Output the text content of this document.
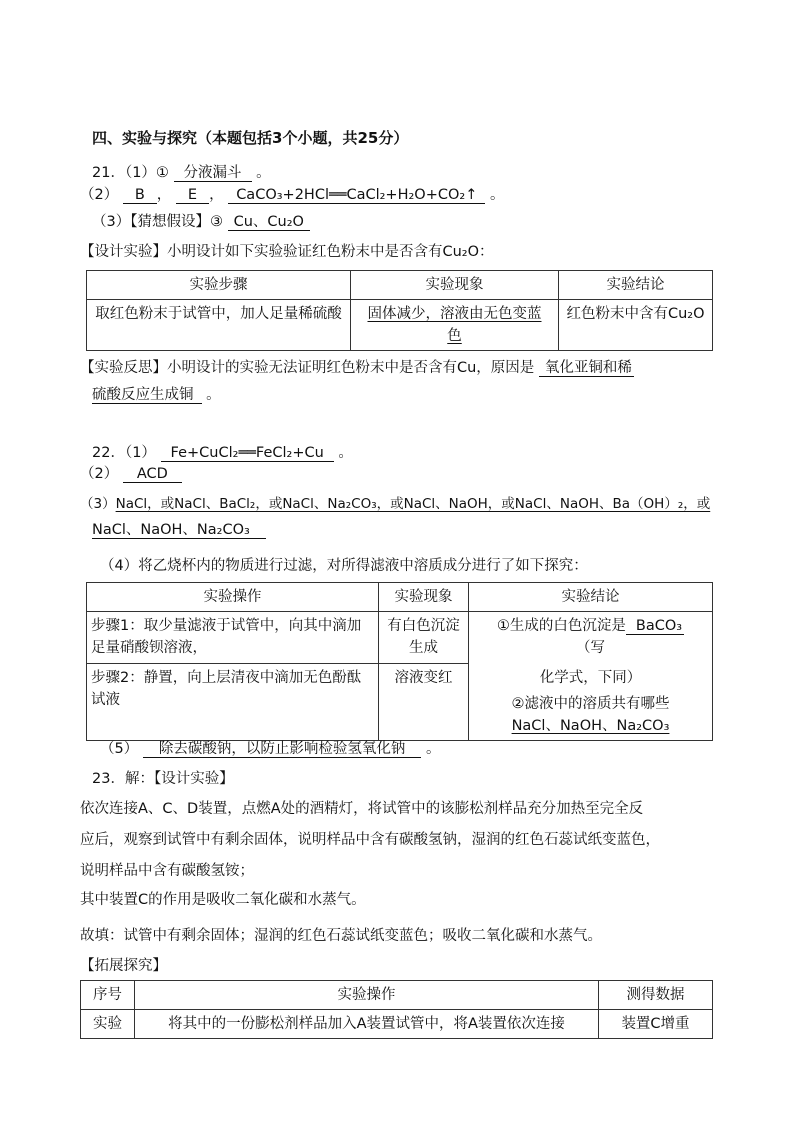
四、实验与探究（本题包括3个小题，共25分）
21．（1）① 分液漏斗 。
（2） B ， E ， CaCO₃+2HCl══CaCl₂+H₂O+CO₂↑ 。
（3）【猜想假设】③ Cu、Cu₂O
【设计实验】小明设计如下实验验证红色粉末中是否含有Cu₂O：
实验步骤	实验现象	实验结论
取红色粉末于试管中，加人足量稀硫酸	固体减少，溶液由无色变蓝色	红色粉末中含有Cu₂O
【实验反思】小明设计的实验无法证明红色粉末中是否含有Cu，原因是 氧化亚铜和稀
硫酸反应生成铜 。
22．（1） Fe+CuCl₂══FeCl₂+Cu 。
（2） ACD
（3）NaCl，或NaCl、BaCl₂，或NaCl、Na₂CO₃，或NaCl、NaOH，或NaCl、NaOH、Ba（OH）₂，或
NaCl、NaOH、Na₂CO₃
（4）将乙烧杯内的物质进行过滤，对所得滤液中溶质成分进行了如下探究：
实验操作	实验现象	实验结论
步骤1：取少量滤液于试管中，向其中滴加足量硝酸钡溶液，	有白色沉淀生成	①生成的白色沉淀是 BaCO₃
（写
化学式，下同）
②滤液中的溶质共有哪些
NaCl、NaOH、Na₂CO₃

步骤2：静置，向上层清夜中滴加无色酚酞试液	溶液变红	
（5） 除去碳酸钠，以防止影响检验氢氧化钠 。
23．解：【设计实验】
依次连接A、C、D装置，点燃A处的酒精灯，将试管中的该膨松剂样品充分加热至完全反
应后，观察到试管中有剩余固体，说明样品中含有碳酸氢钠，湿润的红色石蕊试纸变蓝色，
说明样品中含有碳酸氢铵；
其中装置C的作用是吸收二氧化碳和水蒸气。
故填：试管中有剩余固体；湿润的红色石蕊试纸变蓝色；吸收二氧化碳和水蒸气。
【拓展探究】
序号	实验操作	测得数据
实验	将其中的一份膨松剂样品加入A装置试管中，将A装置依次连接	装置C增重
